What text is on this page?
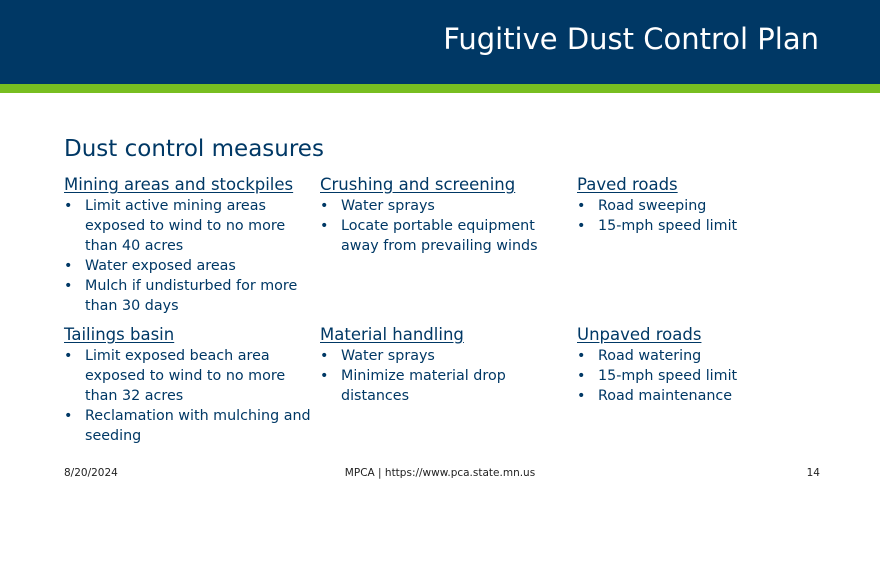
Fugitive Dust Control Plan
Dust control measures
Mining areas and stockpiles
• Limit active mining areas exposed to wind to no more than 40 acres
• Water exposed areas
• Mulch if undisturbed for more than 30 days
Crushing and screening
• Water sprays
• Locate portable equipment away from prevailing winds
Paved roads
• Road sweeping
• 15-mph speed limit
Tailings basin
• Limit exposed beach area exposed to wind to no more than 32 acres
• Reclamation with mulching and seeding
Material handling
• Water sprays
• Minimize material drop distances
Unpaved roads
• Road watering
• 15-mph speed limit
• Road maintenance
8/20/2024	MPCA | https://www.pca.state.mn.us	14
